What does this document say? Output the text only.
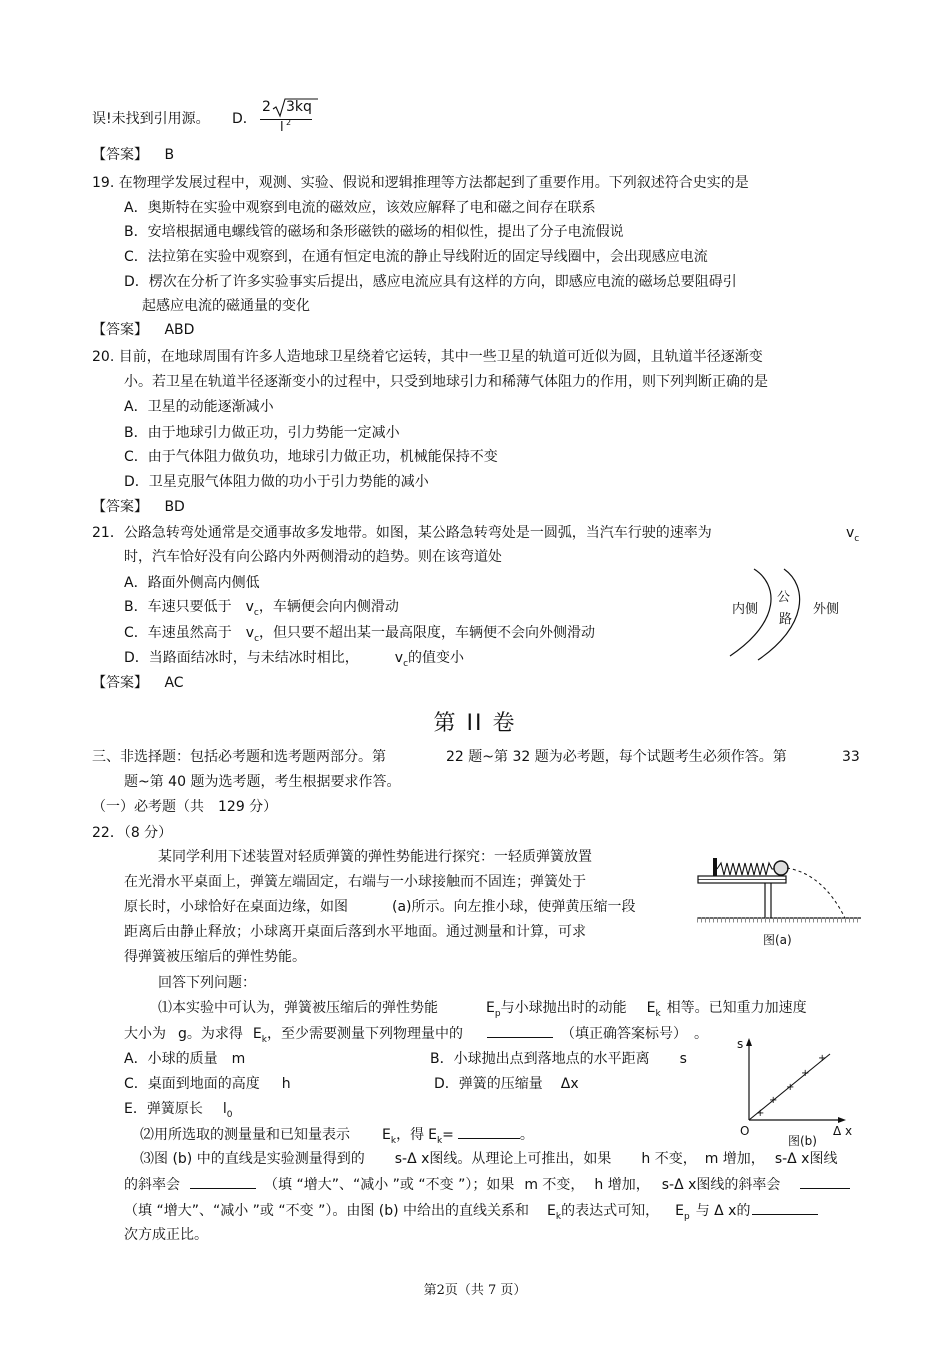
误!未找到引用源。 D．
2 3kq
l 2
【答案】 B
19. 在物理学发展过程中，观测、实验、假说和逻辑推理等方法都起到了重要作用。下列叙述符合史实的是
A．奥斯特在实验中观察到电流的磁效应，该效应解释了电和磁之间存在联系
B．安培根据通电螺线管的磁场和条形磁铁的磁场的相似性，提出了分子电流假说
C．法拉第在实验中观察到，在通有恒定电流的静止导线附近的固定导线圈中，会出现感应电流
D．楞次在分析了许多实验事实后提出，感应电流应具有这样的方向，即感应电流的磁场总要阻碍引
起感应电流的磁通量的变化
【答案】 ABD
20. 目前，在地球周围有许多人造地球卫星绕着它运转，其中一些卫星的轨道可近似为圆，且轨道半径逐渐变
小。若卫星在轨道半径逐渐变小的过程中，只受到地球引力和稀薄气体阻力的作用，则下列判断正确的是
A．卫星的动能逐渐减小
B．由于地球引力做正功，引力势能一定减小
C．由于气体阻力做负功，地球引力做正功，机械能保持不变
D．卫星克服气体阻力做的功小于引力势能的减小
【答案】 BD
21．公路急转弯处通常是交通事故多发地带。如图，某公路急转弯处是一圆弧，当汽车行驶的速率为	$v_c$
时，汽车恰好没有向公路内外两侧滑动的趋势。则在该弯道处
A．路面外侧高内侧低
B．车速只要低于 $v_c$，车辆便会向内侧滑动
C．车速虽然高于 $v_c$，但只要不超出某一最高限度，车辆便不会向外侧滑动
D．当路面结冰时，与未结冰时相比，	$v_c$的值变小
【答案】 AC
内侧
公
路
外侧
第 II 卷
三、非选择题：包括必考题和选考题两部分。第	22 题~第 32 题为必考题，每个试题考生必须作答。第	33
题~第 40 题为选考题，考生根据要求作答。
（一）必考题（共　129 分）
22．（8 分）
某同学利用下述装置对轻质弹簧的弹性势能进行探究：一轻质弹簧放置
在光滑水平桌面上，弹簧左端固定，右端与一小球接触而不固连；弹簧处于
原长时，小球恰好在桌面边缘，如图	(a)所示。向左推小球，使弹黄压缩一段
距离后由静止释放；小球离开桌面后落到水平地面。通过测量和计算，可求
得弹簧被压缩后的弹性势能。
回答下列问题：
⑴本实验中可认为，弹簧被压缩后的弹性势能	$E_p$与小球抛出时的动能 $E_k$ 相等。已知重力加速度
大小为 g。为求得 $E_k$，至少需要测量下列物理量中的	（填正确答案标号） 。
A．小球的质量　m	B．小球抛出点到落地点的水平距离 s
C．桌面到地面的高度 h	D．弹簧的压缩量 Δx
E．弹簧原长 $l_0$
⑵用所选取的测量量和已知量表示 $E_k$，得 $E_k=$	。
⑶图 (b) 中的直线是实验测量得到的 s-Δ x图线。从理论上可推出，如果 h 不变， m 增加， s-Δ x图线
的斜率会	（填 “增大”、“减小 ”或 “不变 ”）；如果 m 不变， h 增加， s-Δ x图线的斜率会
（填 “增大”、“减小 ”或 “不变 ”）。由图 (b) 中给出的直线关系和 $E_k$的表达式可知， $E_p$ 与 Δ x的
次方成正比。
图(a)
+
+
+
+
+
s
O
图(b)
Δ x
第2页（共 7 页）
